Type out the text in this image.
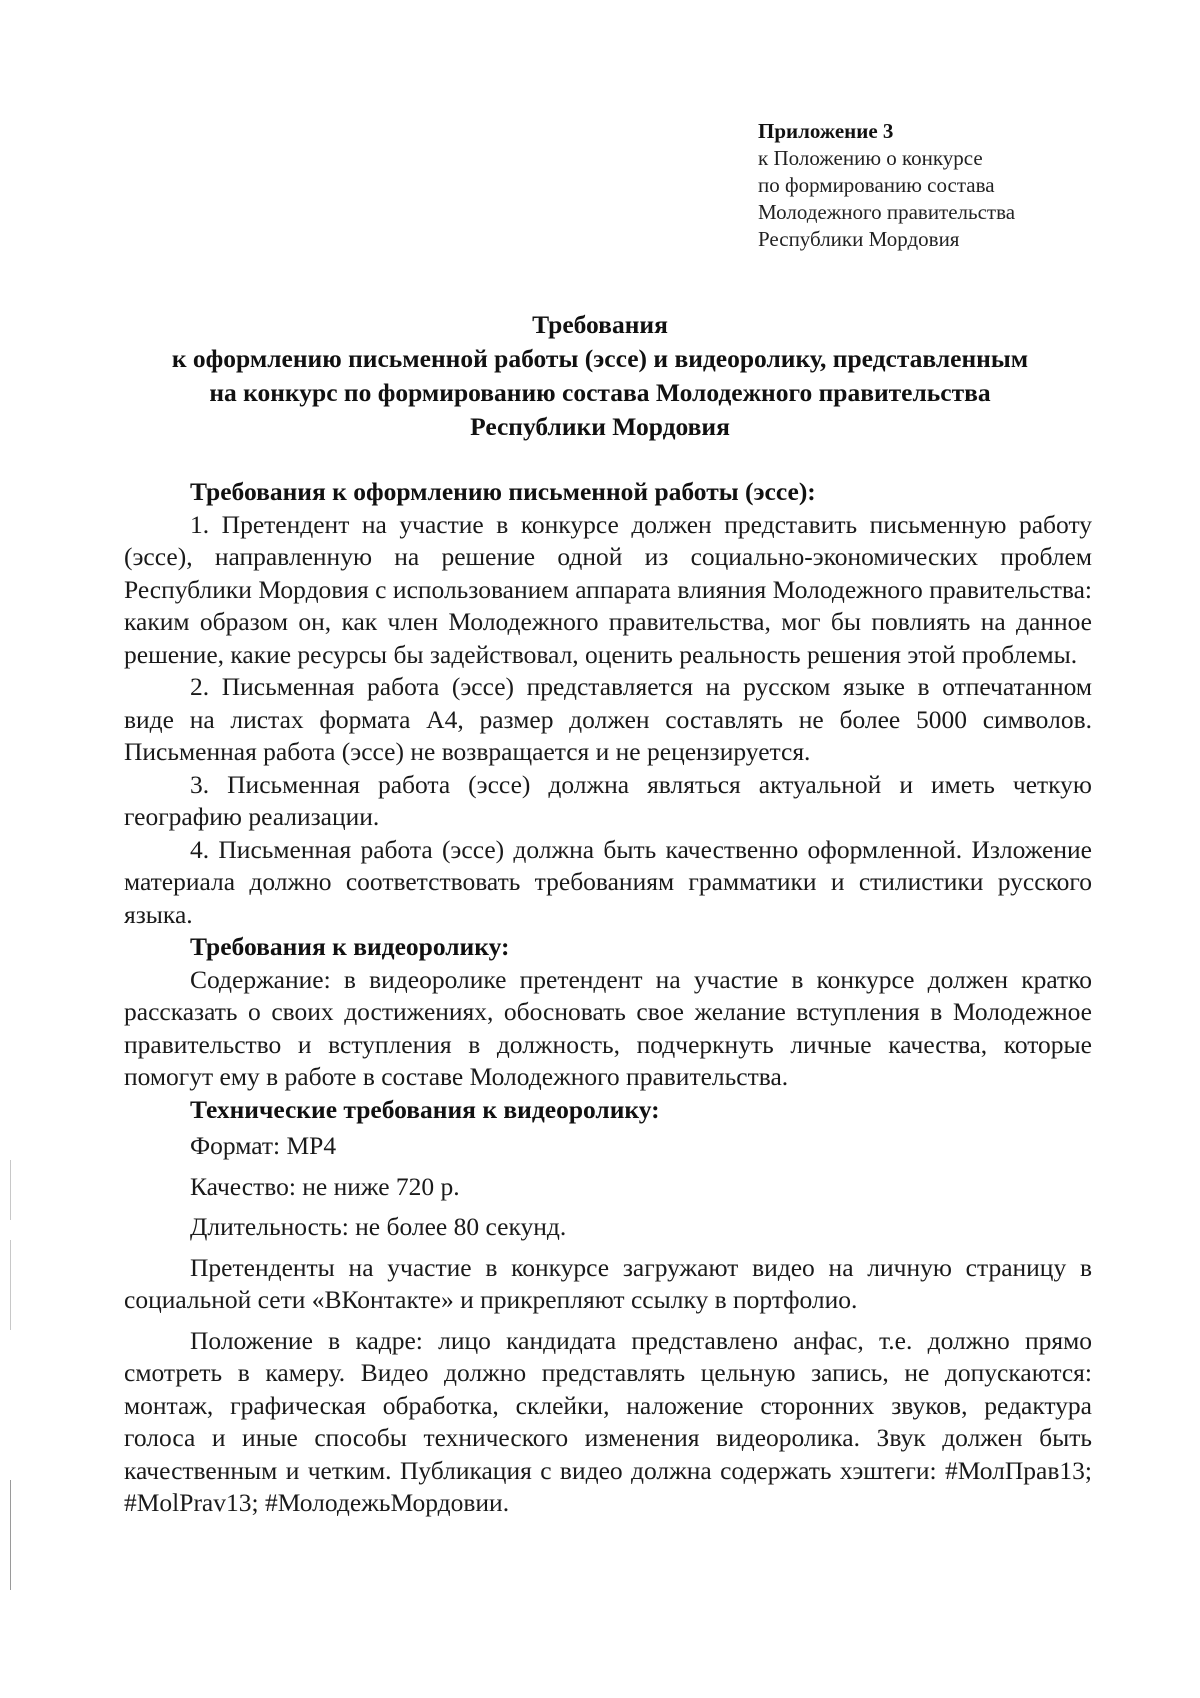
Приложение 3
к Положению о конкурсе
по формированию состава
Молодежного правительства
Республики Мордовия
Требования
к оформлению письменной работы (эссе) и видеоролику, представленным
на конкурс по формированию состава Молодежного правительства
Республики Мордовия
Требования к оформлению письменной работы (эссе):

1. Претендент на участие в конкурсе должен представить письменную работу (эссе), направленную на решение одной из социально-экономических проблем Республики Мордовия с использованием аппарата влияния Молодежного правительства: каким образом он, как член Молодежного правительства, мог бы повлиять на данное решение, какие ресурсы бы задействовал, оценить реальность решения этой проблемы.

2. Письменная работа (эссе) представляется на русском языке в отпечатанном виде на листах формата А4, размер должен составлять не более 5000 символов. Письменная работа (эссе) не возвращается и не рецензируется.

3. Письменная работа (эссе) должна являться актуальной и иметь четкую географию реализации.

4. Письменная работа (эссе) должна быть качественно оформленной. Изложение материала должно соответствовать требованиям грамматики и стилистики русского языка.

Требования к видеоролику:

Содержание: в видеоролике претендент на участие в конкурсе должен кратко рассказать о своих достижениях, обосновать свое желание вступления в Молодежное правительство и вступления в должность, подчеркнуть личные качества, которые помогут ему в работе в составе Молодежного правительства.

Технические требования к видеоролику:
Формат: MP4
Качество: не ниже 720 р.
Длительность: не более 80 секунд.

Претенденты на участие в конкурсе загружают видео на личную страницу в социальной сети «ВКонтакте» и прикрепляют ссылку в портфолио.

Положение в кадре: лицо кандидата представлено анфас, т.е. должно прямо смотреть в камеру. Видео должно представлять цельную запись, не допускаются: монтаж, графическая обработка, склейки, наложение сторонних звуков, редактура голоса и иные способы технического изменения видеоролика. Звук должен быть качественным и четким. Публикация с видео должна содержать хэштеги: #МолПрав13; #MolPrav13; #МолодежьМордовии.
